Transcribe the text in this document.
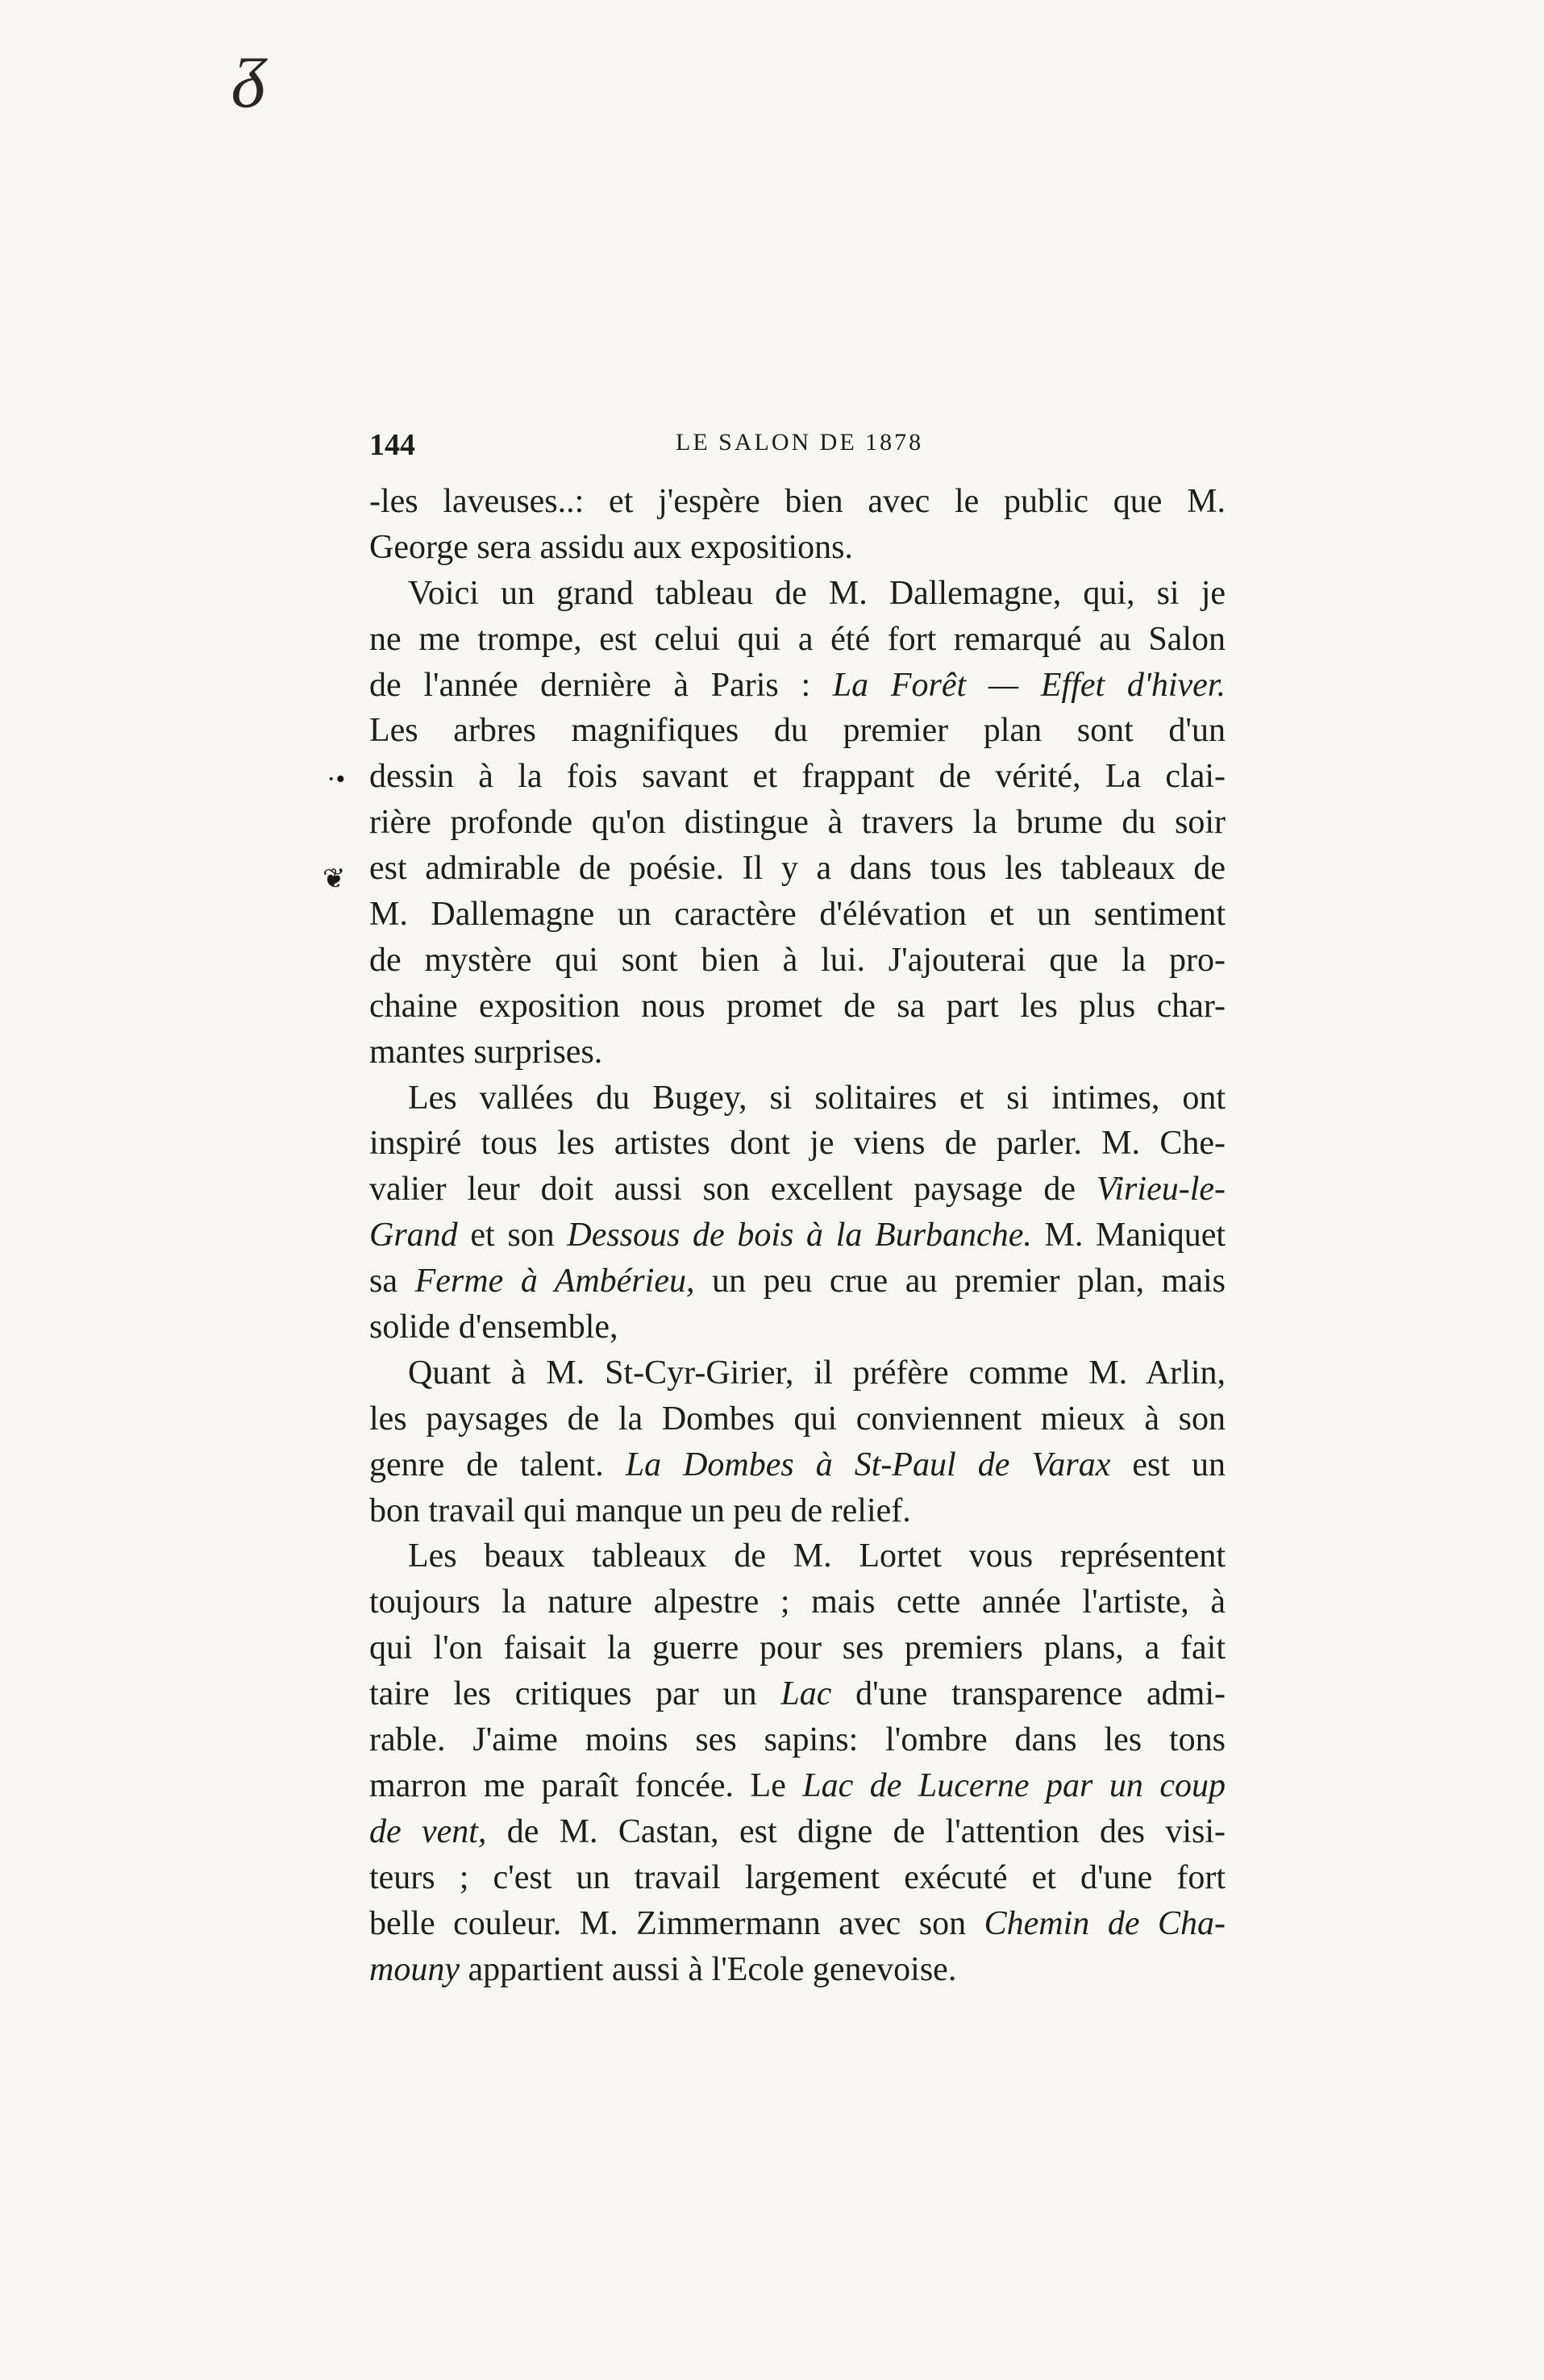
ᵹ
144	LE SALON DE 1878
·•
❦
-les laveuses..: et j'espère bien avec le public que M.
George sera assidu aux expositions.
Voici un grand tableau de M. Dallemagne, qui, si je
ne me trompe, est celui qui a été fort remarqué au Salon
de l'année dernière à Paris : La Forêt — Effet d'hiver.
Les arbres magnifiques du premier plan sont d'un
dessin à la fois savant et frappant de vérité, La clai-
rière profonde qu'on distingue à travers la brume du soir
est admirable de poésie. Il y a dans tous les tableaux de
M. Dallemagne un caractère d'élévation et un sentiment
de mystère qui sont bien à lui. J'ajouterai que la pro-
chaine exposition nous promet de sa part les plus char-
mantes surprises.
Les vallées du Bugey, si solitaires et si intimes, ont
inspiré tous les artistes dont je viens de parler. M. Che-
valier leur doit aussi son excellent paysage de Virieu-le-
Grand et son Dessous de bois à la Burbanche. M. Maniquet
sa Ferme à Ambérieu, un peu crue au premier plan, mais
solide d'ensemble,
Quant à M. St-Cyr-Girier, il préfère comme M. Arlin,
les paysages de la Dombes qui conviennent mieux à son
genre de talent. La Dombes à St-Paul de Varax est un
bon travail qui manque un peu de relief.
Les beaux tableaux de M. Lortet vous représentent
toujours la nature alpestre ; mais cette année l'artiste, à
qui l'on faisait la guerre pour ses premiers plans, a fait
taire les critiques par un Lac d'une transparence admi-
rable. J'aime moins ses sapins: l'ombre dans les tons
marron me paraît foncée. Le Lac de Lucerne par un coup
de vent, de M. Castan, est digne de l'attention des visi-
teurs ; c'est un travail largement exécuté et d'une fort
belle couleur. M. Zimmermann avec son Chemin de Cha-
mouny appartient aussi à l'Ecole genevoise.
